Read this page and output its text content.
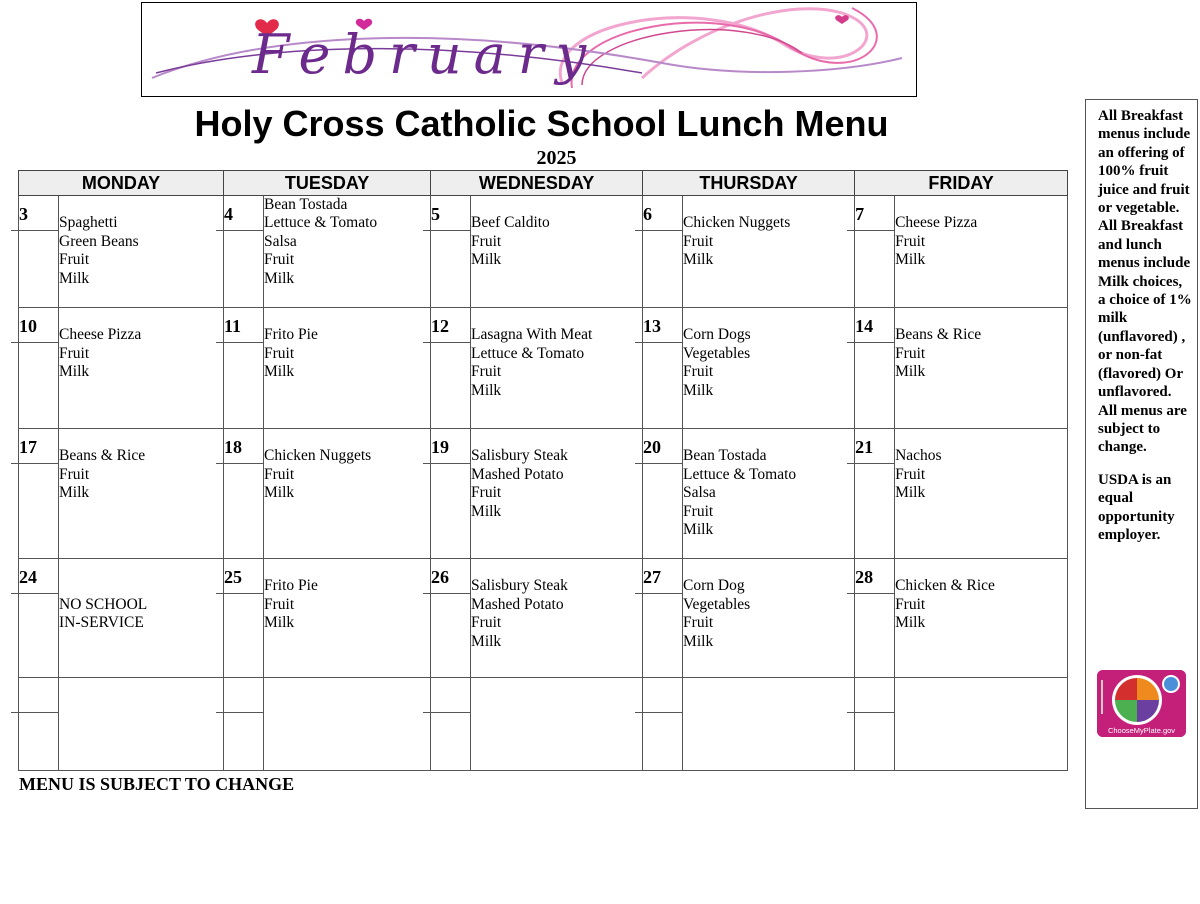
February
Holy Cross Catholic School Lunch Menu
2025
MONDAY		TUESDAY		WEDNESDAY		THURSDAY		FRIDAY	

3	Spaghetti
Green Beans
Fruit
Milk	4	Bean Tostada
Lettuce & Tomato
Salsa
Fruit
Milk	5	Beef Caldito
Fruit
Milk	6	Chicken Nuggets
Fruit
Milk	7	Cheese Pizza
Fruit
Milk

10	Cheese Pizza
Fruit
Milk	11	Frito Pie
Fruit
Milk	12	Lasagna With Meat
Lettuce & Tomato
Fruit
Milk	13	Corn Dogs
Vegetables
Fruit
Milk	14	Beans & Rice
Fruit
Milk

17	Beans & Rice
Fruit
Milk	18	Chicken Nuggets
Fruit
Milk	19	Salisbury Steak
Mashed Potato
Fruit
Milk	20	Bean Tostada
Lettuce & Tomato
Salsa
Fruit
Milk	21	Nachos
Fruit
Milk

24	NO SCHOOL
IN-SERVICE	25	Frito Pie
Fruit
Milk	26	Salisbury Steak
Mashed Potato
Fruit
Milk	27	Corn Dog
Vegetables
Fruit
Milk	28	Chicken & Rice
Fruit
Milk

MENU IS SUBJECT TO CHANGE

All Breakfast menus include an offering of 100% fruit juice and fruit or vegetable. All Breakfast and lunch menus include Milk choices, a choice of 1% milk (unflavored) , or non-fat (flavored) Or unflavored. All menus are subject to change.

USDA is an equal opportunity employer.

ChooseMyPlate.gov
